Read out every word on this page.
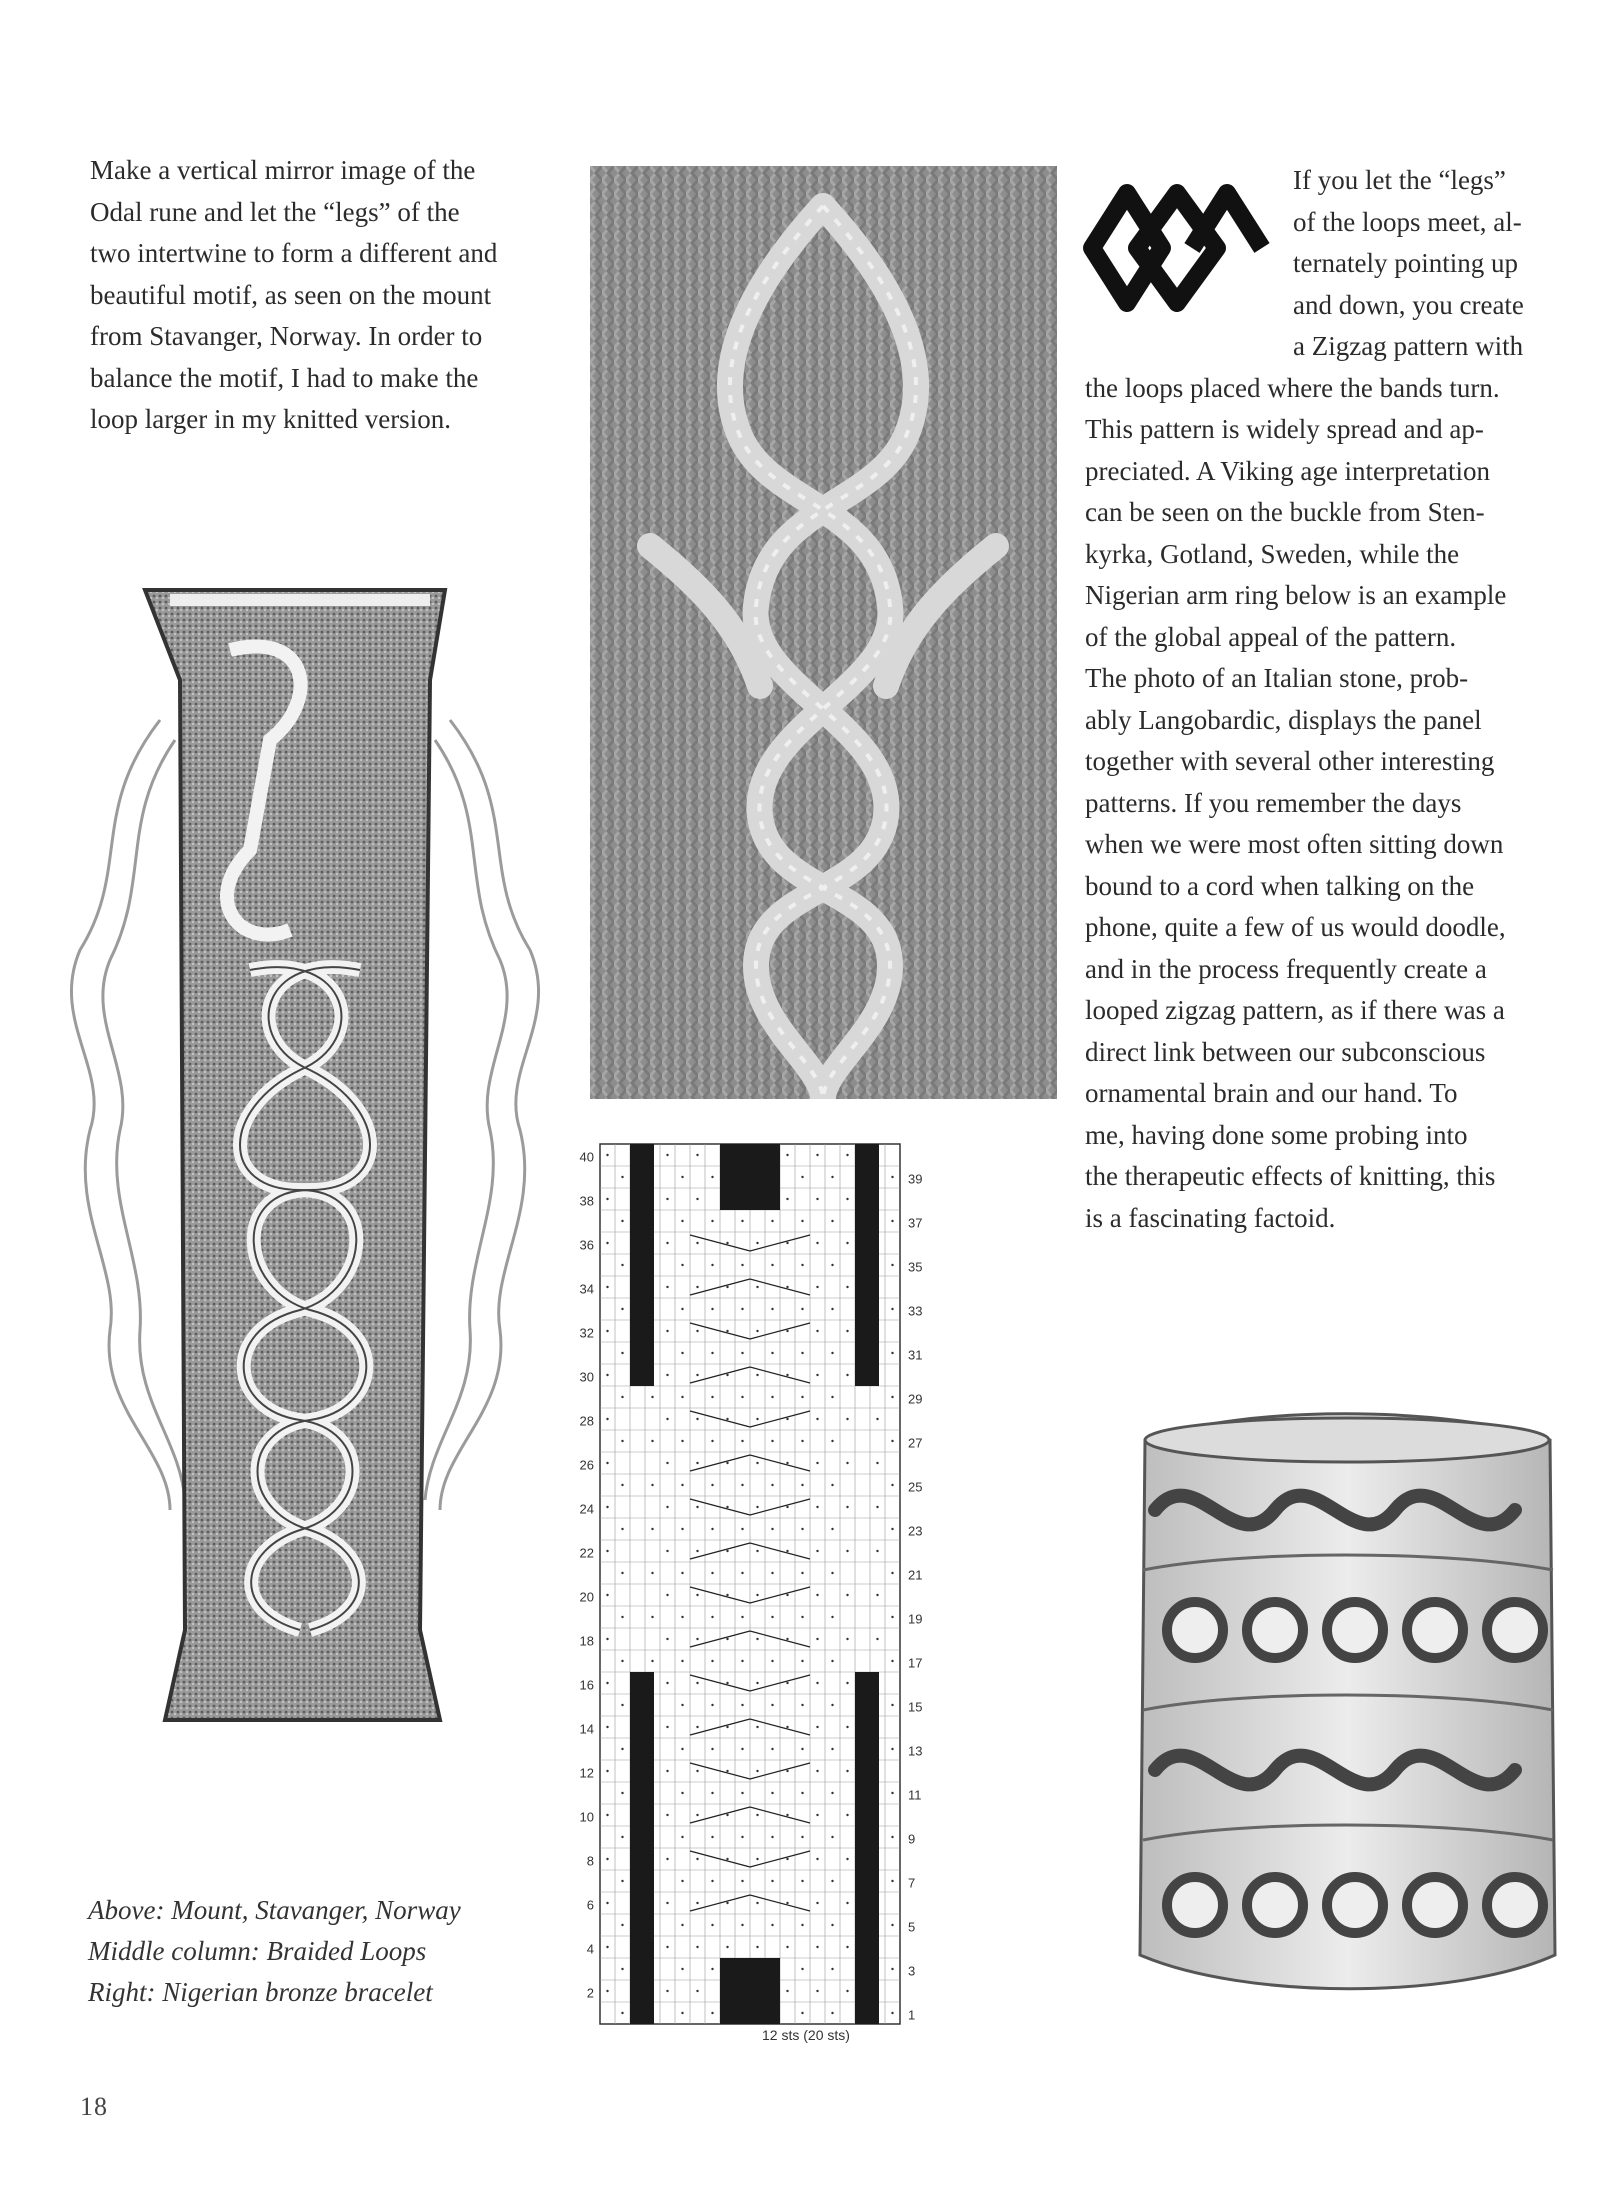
Make a vertical mirror image of the
Odal rune and let the “legs” of the
two intertwine to form a different and
beautiful motif, as seen on the mount
from Stavanger, Norway. In order to
balance the motif, I had to make the
loop larger in my knitted version.
If you let the “legs”
of the loops meet, al-
ternately pointing up
and down, you create
a Zigzag pattern with
the loops placed where the bands turn.
This pattern is widely spread and ap-
preciated. A Viking age interpretation
can be seen on the buckle from Sten-
kyrka, Gotland, Sweden, while the
Nigerian arm ring below is an example
of the global appeal of the pattern.
The photo of an Italian stone, prob-
ably Langobardic, displays the panel
together with several other interesting
patterns. If you remember the days
when we were most often sitting down
bound to a cord when talking on the
phone, quite a few of us would doodle,
and in the process frequently create a
looped zigzag pattern, as if there was a
direct link between our subconscious
ornamental brain and our hand. To
me, having done some probing into
the therapeutic effects of knitting, this
is a fascinating factoid.
Above: Mount, Stavanger, Norway
Middle column: Braided Loops
Right: Nigerian bronze bracelet
40
38
36
34
32
30
28
26
24
22
20
18
16
14
12
10
8
6
4
2
39
37
35
33
31
29
27
25
23
21
19
17
15
13
11
9
7
5
3
1
12 sts (20 sts)
18
